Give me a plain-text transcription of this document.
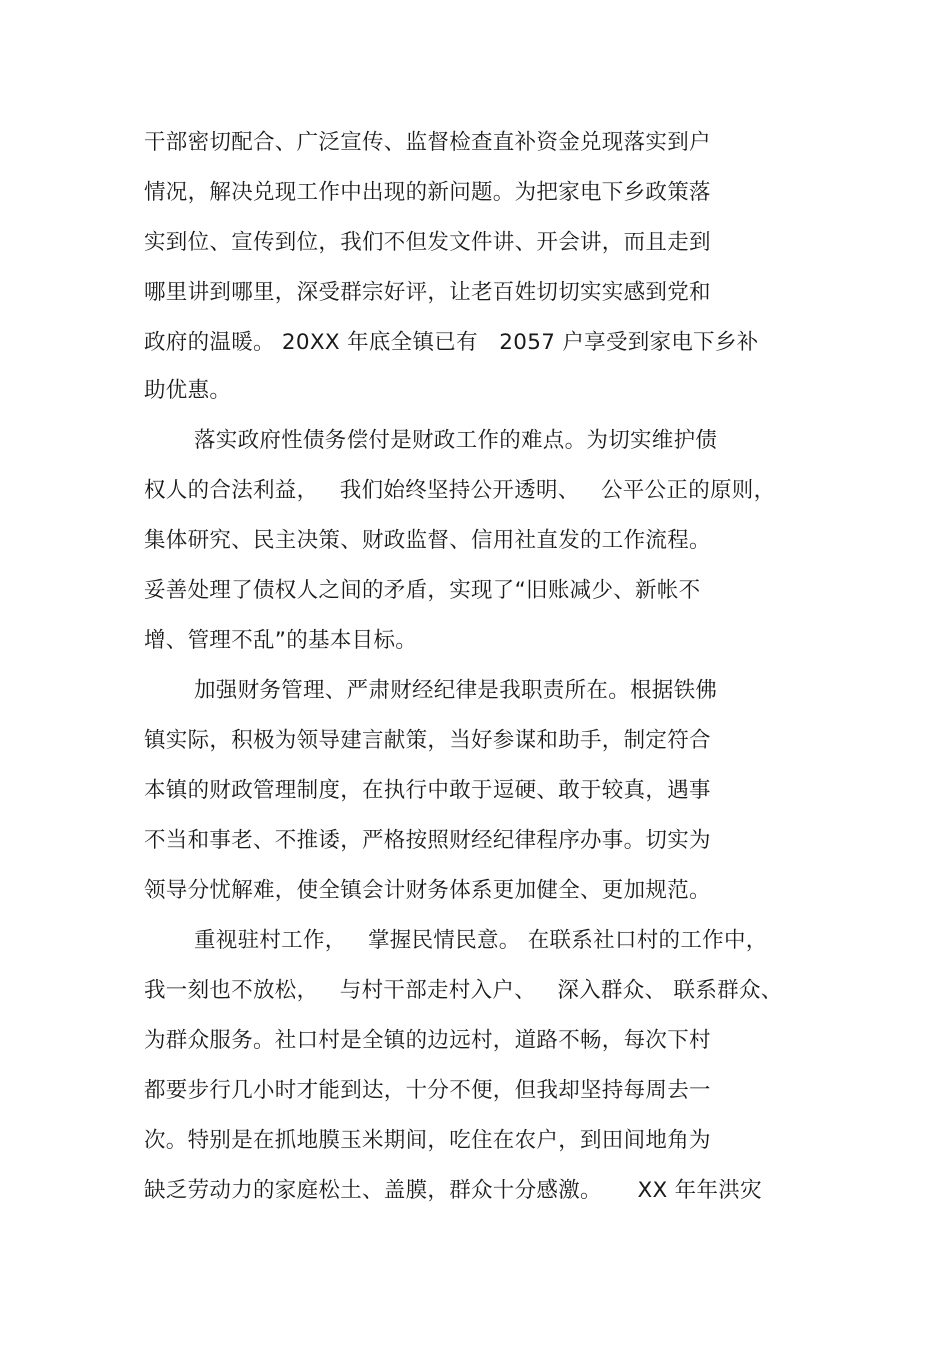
干部密切配合、广泛宣传、监督检查直补资金兑现落实到户
情况，解决兑现工作中出现的新问题。为把家电下乡政策落
实到位、宣传到位，我们不但发文件讲、开会讲，而且走到
哪里讲到哪里，深受群宗好评，让老百姓切切实实感到党和
政府的温暖。 20XX 年底全镇已有   2057 户享受到家电下乡补
助优惠。
落实政府性债务偿付是财政工作的难点。为切实维护债
权人的合法利益，   我们始终坚持公开透明、   公平公正的原则，
集体研究、民主决策、财政监督、信用社直发的工作流程。
妥善处理了债权人之间的矛盾，实现了“旧账减少、新帐不
增、管理不乱”的基本目标。
加强财务管理、严肃财经纪律是我职责所在。根据铁佛
镇实际，积极为领导建言献策，当好参谋和助手，制定符合
本镇的财政管理制度，在执行中敢于逗硬、敢于较真，遇事
不当和事老、不推诿，严格按照财经纪律程序办事。切实为
领导分忧解难，使全镇会计财务体系更加健全、更加规范。
重视驻村工作，   掌握民情民意。 在联系社口村的工作中，
我一刻也不放松，   与村干部走村入户、   深入群众、 联系群众、
为群众服务。社口村是全镇的边远村，道路不畅，每次下村
都要步行几小时才能到达，十分不便，但我却坚持每周去一
次。特别是在抓地膜玉米期间，吃住在农户，到田间地角为
缺乏劳动力的家庭松土、盖膜，群众十分感激。     XX 年年洪灾
